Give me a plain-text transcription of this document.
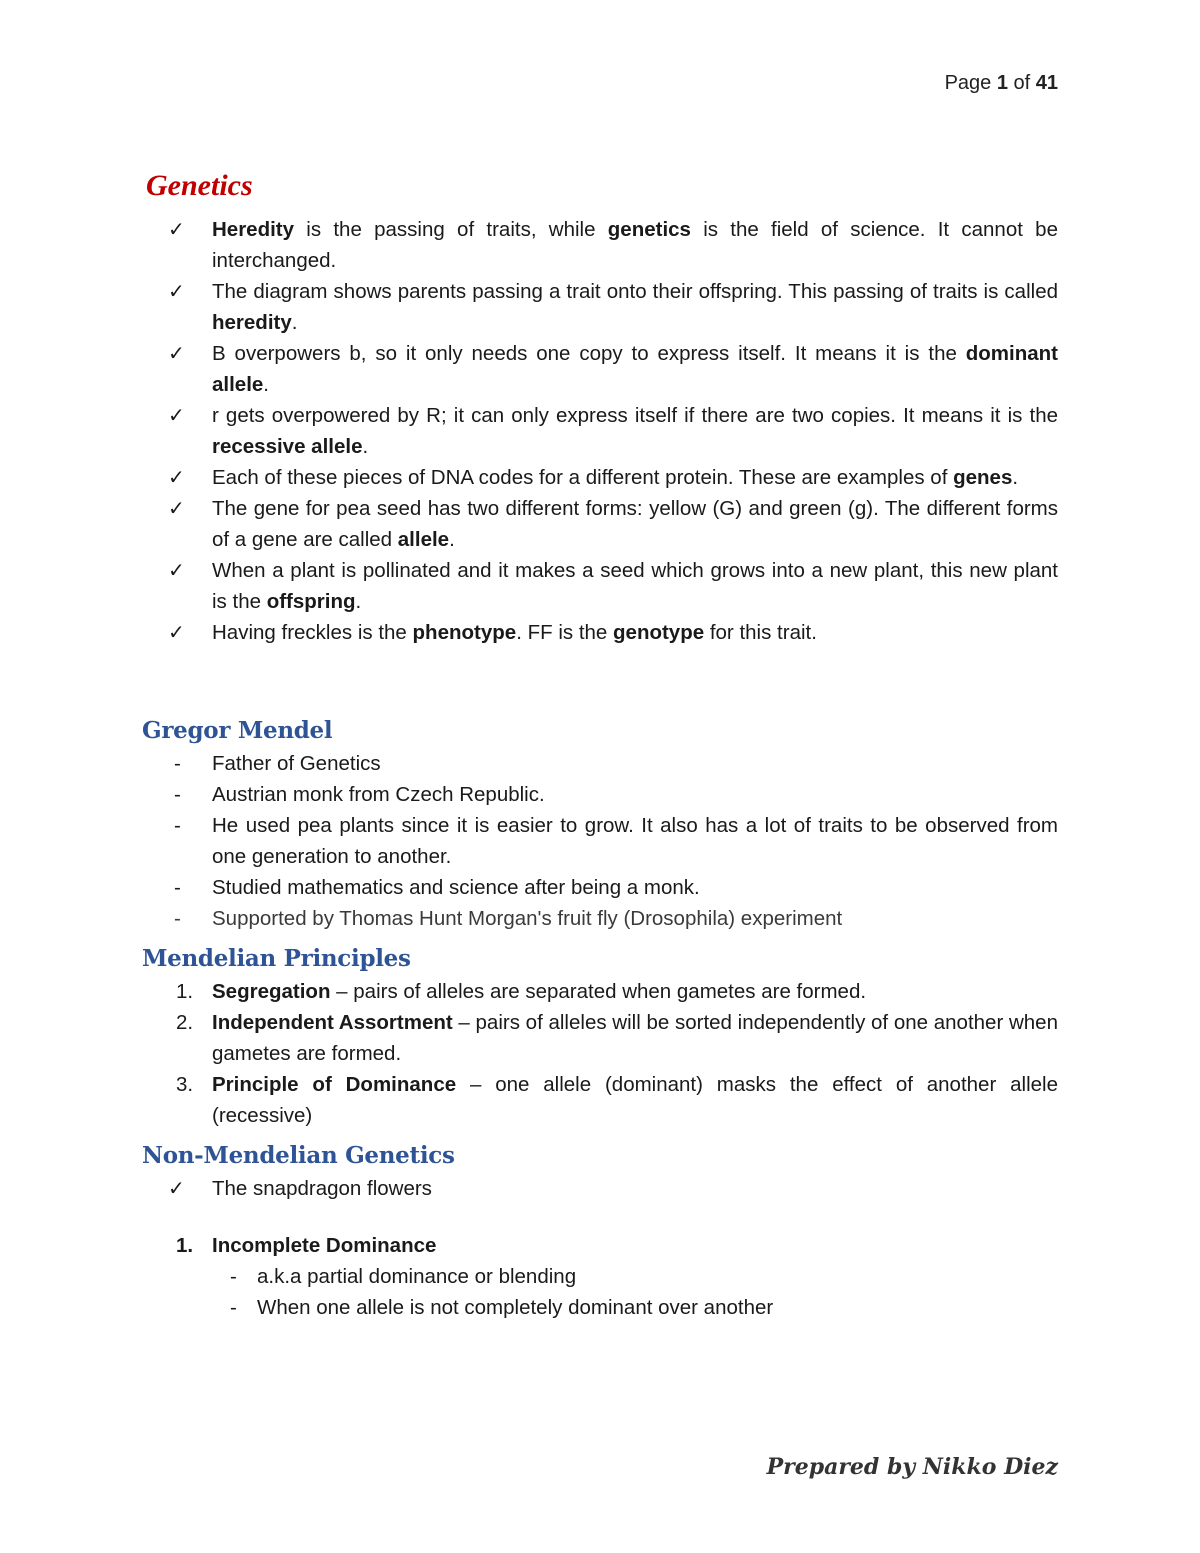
Page 1 of 41
Genetics
✓ Heredity is the passing of traits, while genetics is the field of science. It cannot be interchanged.
✓ The diagram shows parents passing a trait onto their offspring. This passing of traits is called heredity.
✓ B overpowers b, so it only needs one copy to express itself. It means it is the dominant allele.
✓ r gets overpowered by R; it can only express itself if there are two copies. It means it is the recessive allele.
✓ Each of these pieces of DNA codes for a different protein. These are examples of genes.
✓ The gene for pea seed has two different forms: yellow (G) and green (g). The different forms of a gene are called allele.
✓ When a plant is pollinated and it makes a seed which grows into a new plant, this new plant is the offspring.
✓ Having freckles is the phenotype. FF is the genotype for this trait.
Gregor Mendel
- Father of Genetics
- Austrian monk from Czech Republic.
- He used pea plants since it is easier to grow. It also has a lot of traits to be observed from one generation to another.
- Studied mathematics and science after being a monk.
- Supported by Thomas Hunt Morgan's fruit fly (Drosophila) experiment
Mendelian Principles
1. Segregation – pairs of alleles are separated when gametes are formed.
2. Independent Assortment – pairs of alleles will be sorted independently of one another when gametes are formed.
3. Principle of Dominance – one allele (dominant) masks the effect of another allele (recessive)
Non-Mendelian Genetics
✓ The snapdragon flowers
1. Incomplete Dominance
- a.k.a partial dominance or blending
- When one allele is not completely dominant over another
Prepared by Nikko Diez
